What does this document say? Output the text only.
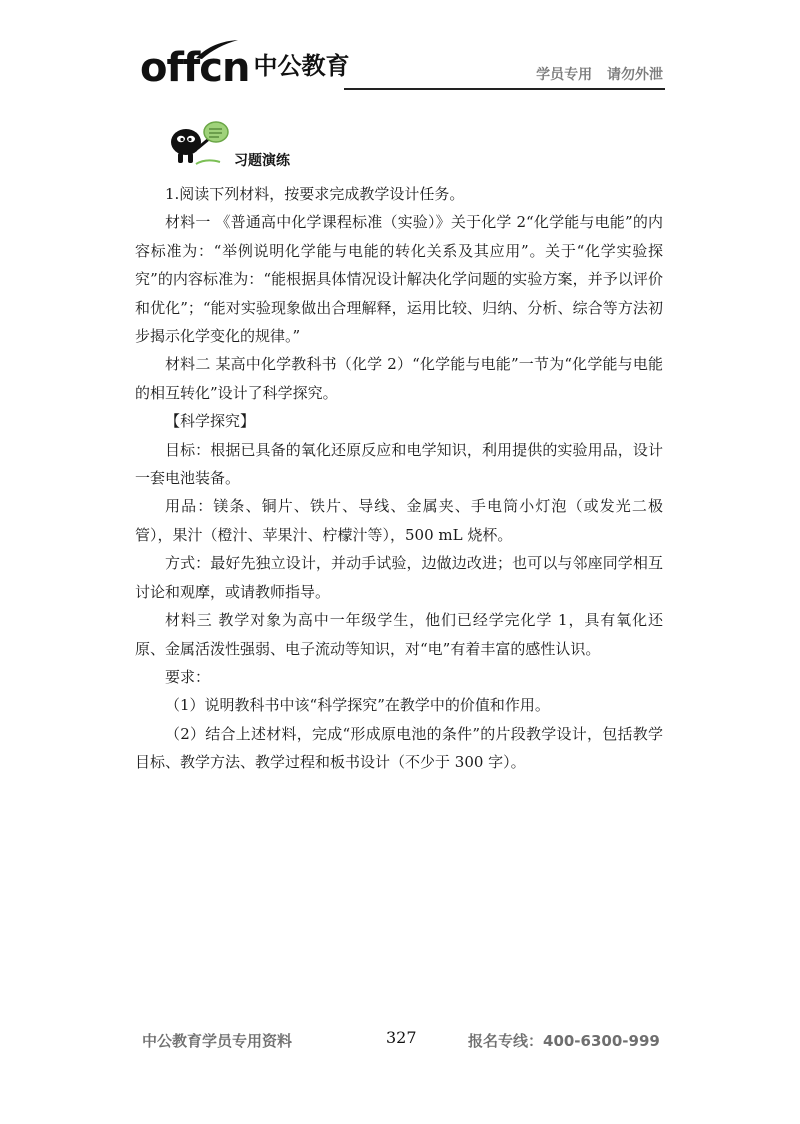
offcn 中公教育	学员专用 请勿外泄
习题演练

1.阅读下列材料，按要求完成教学设计任务。

材料一 《普通高中化学课程标准（实验）》关于化学 2“化学能与电能”的内容标准为：“举例说明化学能与电能的转化关系及其应用”。关于“化学实验探究”的内容标准为：“能根据具体情况设计解决化学问题的实验方案，并予以评价和优化”；“能对实验现象做出合理解释，运用比较、归纳、分析、综合等方法初步揭示化学变化的规律。”

材料二 某高中化学教科书（化学 2）“化学能与电能”一节为“化学能与电能的相互转化”设计了科学探究。

【科学探究】

目标：根据已具备的氧化还原反应和电学知识，利用提供的实验用品，设计一套电池装备。

用品：镁条、铜片、铁片、导线、金属夹、手电筒小灯泡（或发光二极管），果汁（橙汁、苹果汁、柠檬汁等），500 mL 烧杯。

方式：最好先独立设计，并动手试验，边做边改进；也可以与邻座同学相互讨论和观摩，或请教师指导。

材料三 教学对象为高中一年级学生，他们已经学完化学 1，具有氧化还原、金属活泼性强弱、电子流动等知识，对“电”有着丰富的感性认识。

要求：

（1）说明教科书中该“科学探究”在教学中的价值和作用。

（2）结合上述材料，完成“形成原电池的条件”的片段教学设计，包括教学目标、教学方法、教学过程和板书设计（不少于 300 字）。

中公教育学员专用资料	327	报名专线：400-6300-999
